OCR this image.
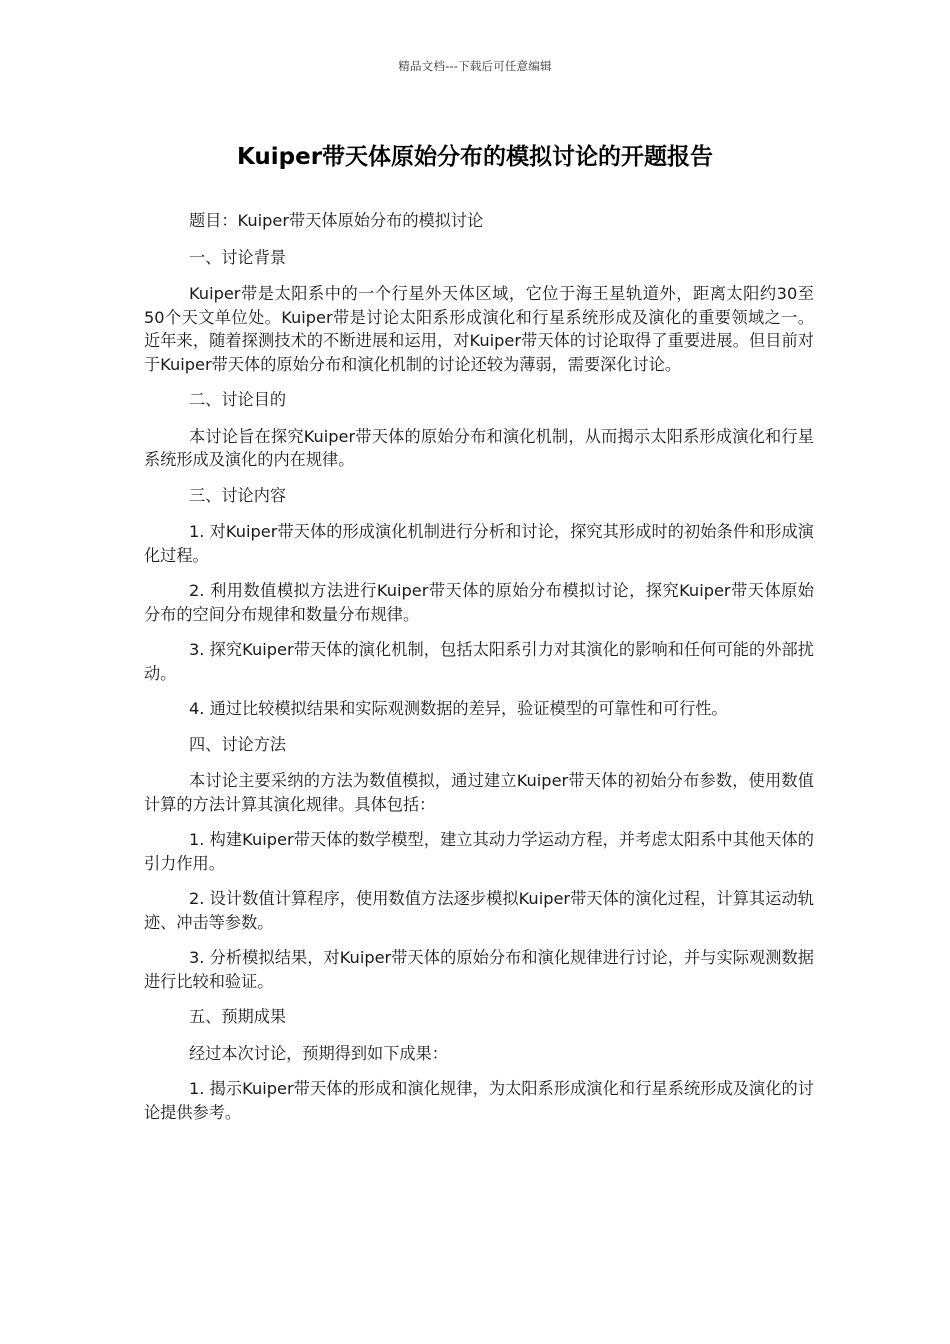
精品文档---下载后可任意编辑
Kuiper带天体原始分布的模拟讨论的开题报告

题目：Kuiper带天体原始分布的模拟讨论

一、讨论背景

Kuiper带是太阳系中的一个行星外天体区域，它位于海王星轨道外，距离太阳约30至50个天文单位处。Kuiper带是讨论太阳系形成演化和行星系统形成及演化的重要领域之一。近年来，随着探测技术的不断进展和运用，对Kuiper带天体的讨论取得了重要进展。但目前对于Kuiper带天体的原始分布和演化机制的讨论还较为薄弱，需要深化讨论。

二、讨论目的

本讨论旨在探究Kuiper带天体的原始分布和演化机制，从而揭示太阳系形成演化和行星系统形成及演化的内在规律。

三、讨论内容

1. 对Kuiper带天体的形成演化机制进行分析和讨论，探究其形成时的初始条件和形成演化过程。

2. 利用数值模拟方法进行Kuiper带天体的原始分布模拟讨论，探究Kuiper带天体原始分布的空间分布规律和数量分布规律。

3. 探究Kuiper带天体的演化机制，包括太阳系引力对其演化的影响和任何可能的外部扰动。

4. 通过比较模拟结果和实际观测数据的差异，验证模型的可靠性和可行性。

四、讨论方法

本讨论主要采纳的方法为数值模拟，通过建立Kuiper带天体的初始分布参数，使用数值计算的方法计算其演化规律。具体包括：

1. 构建Kuiper带天体的数学模型，建立其动力学运动方程，并考虑太阳系中其他天体的引力作用。

2. 设计数值计算程序，使用数值方法逐步模拟Kuiper带天体的演化过程，计算其运动轨迹、冲击等参数。

3. 分析模拟结果，对Kuiper带天体的原始分布和演化规律进行讨论，并与实际观测数据进行比较和验证。

五、预期成果

经过本次讨论，预期得到如下成果：

1. 揭示Kuiper带天体的形成和演化规律，为太阳系形成演化和行星系统形成及演化的讨论提供参考。
